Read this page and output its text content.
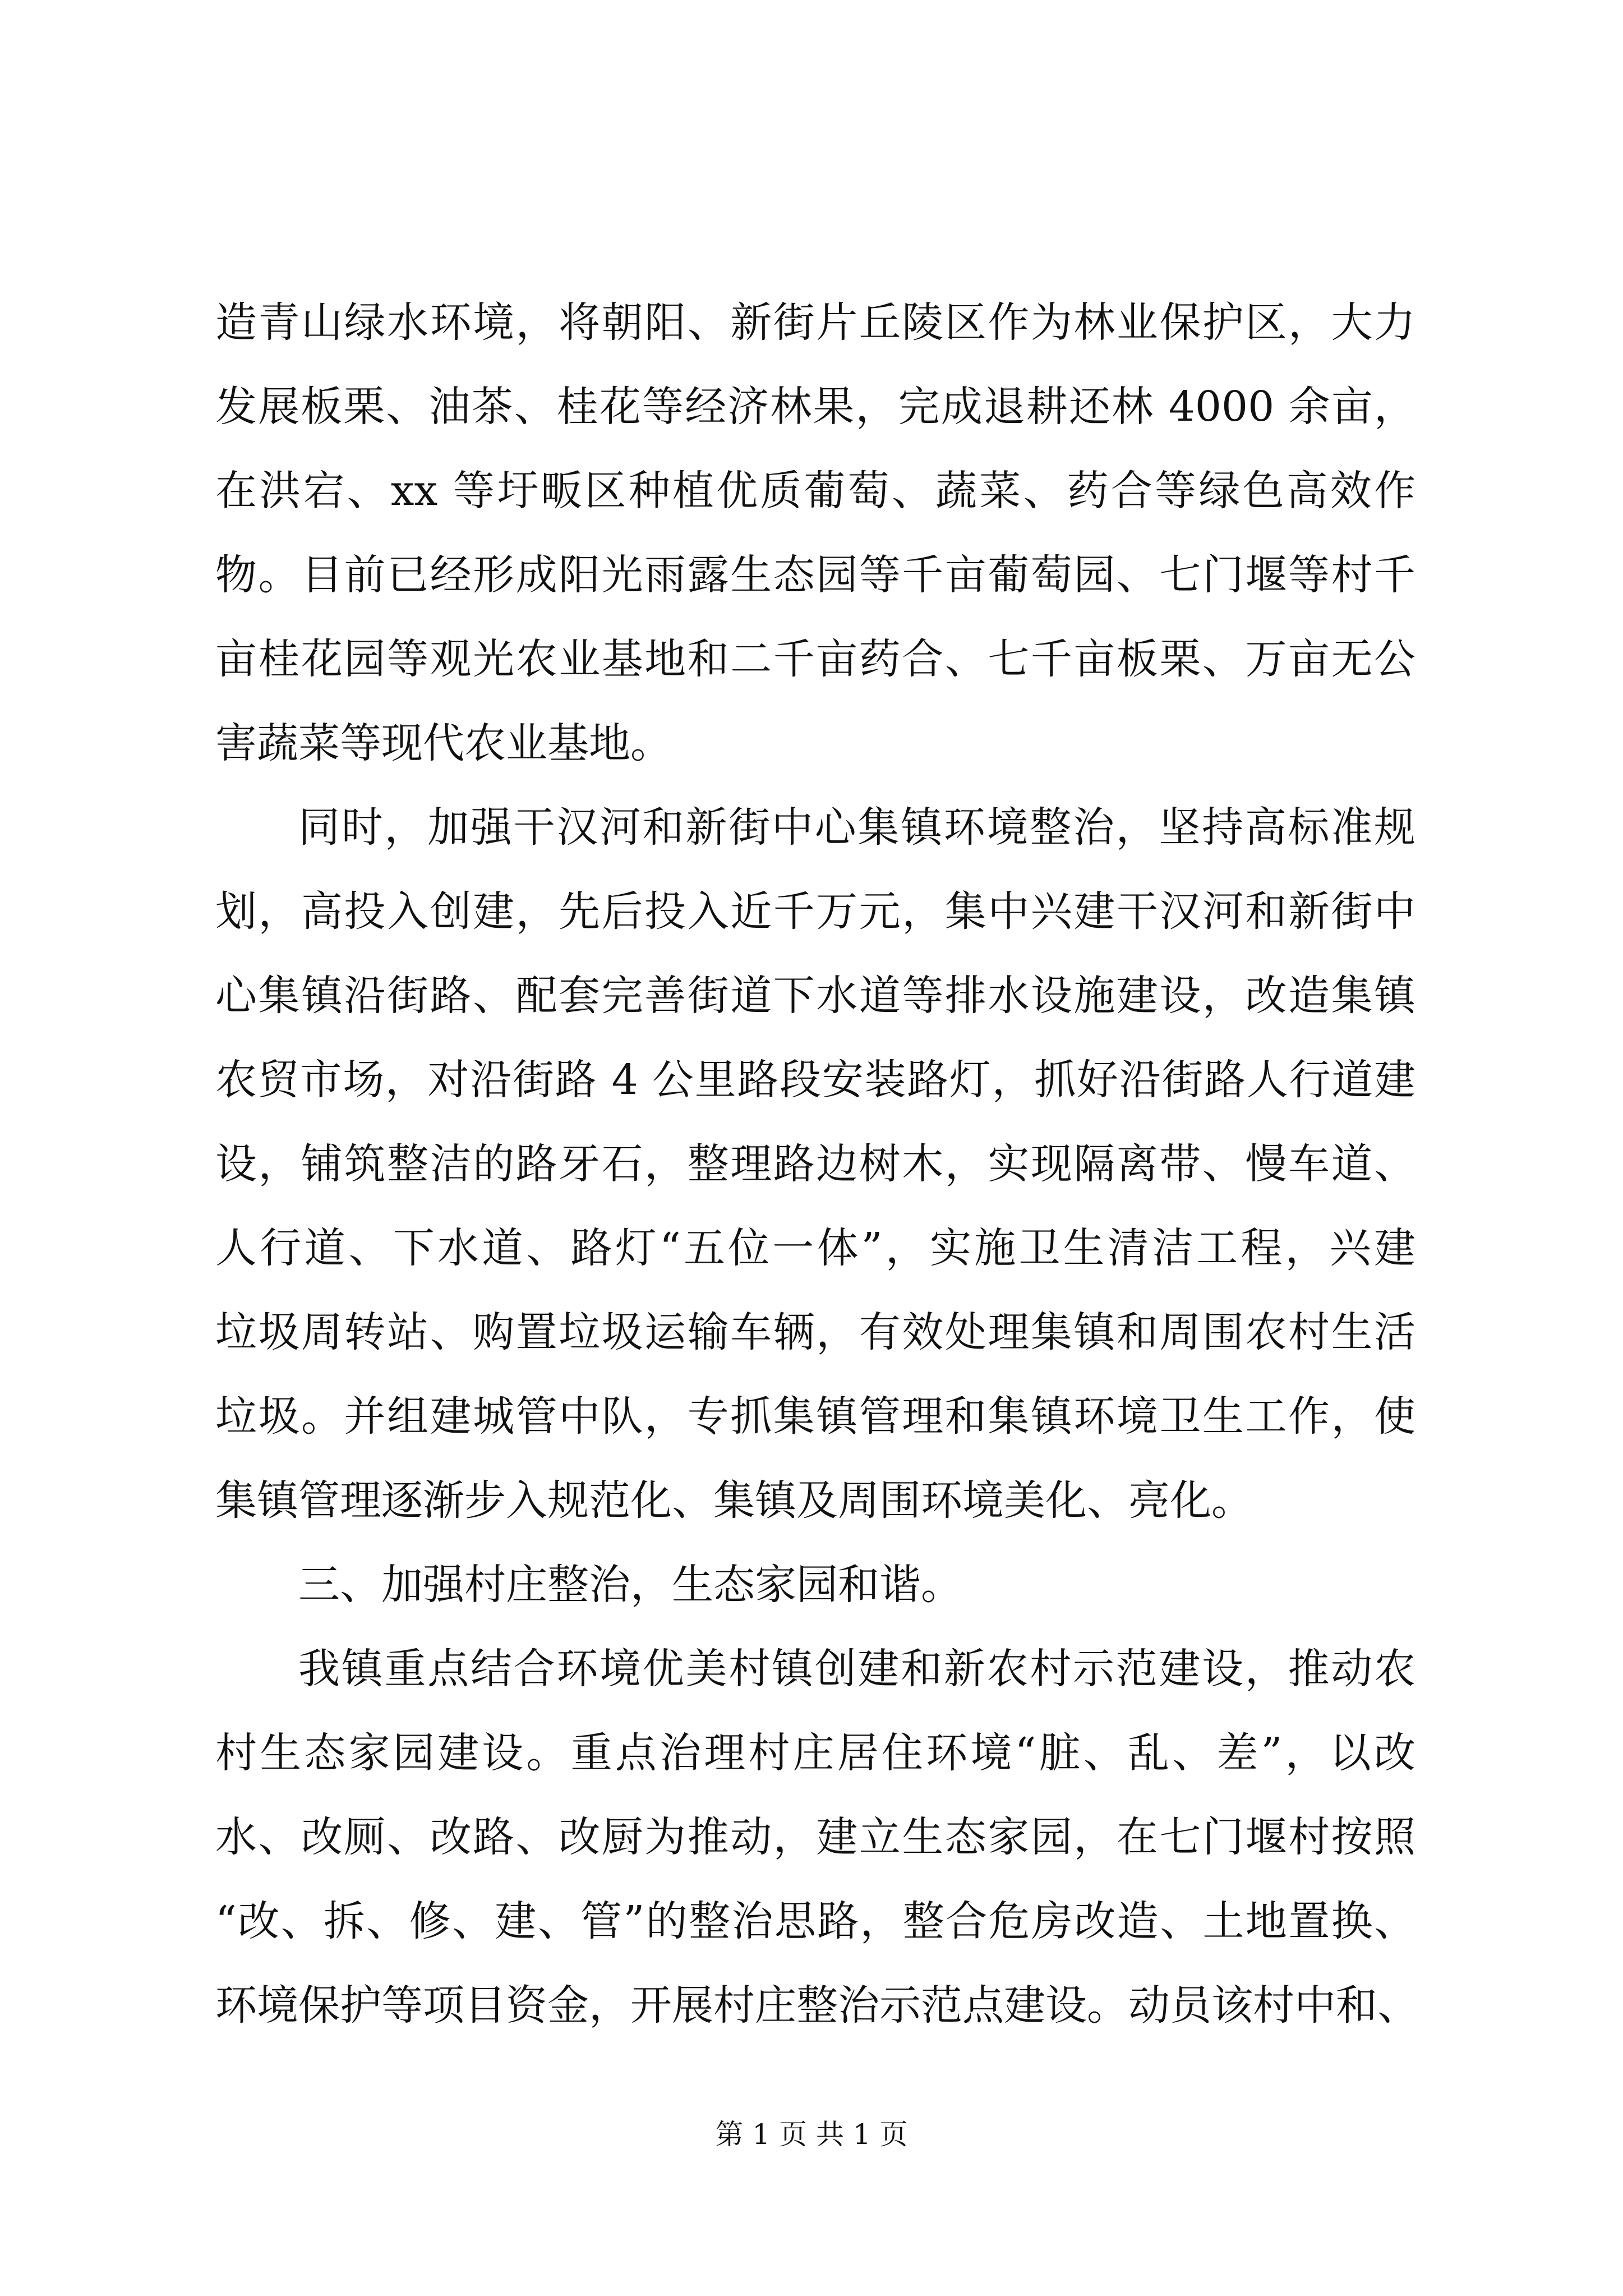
造青山绿水环境，将朝阳、新街片丘陵区作为林业保护区，大力
发展板栗、油茶、桂花等经济林果，完成退耕还林 4000 余亩，
在洪宕、xx 等圩畈区种植优质葡萄、蔬菜、药合等绿色高效作
物。目前已经形成阳光雨露生态园等千亩葡萄园、七门堰等村千
亩桂花园等观光农业基地和二千亩药合、七千亩板栗、万亩无公
害蔬菜等现代农业基地。
同时，加强干汉河和新街中心集镇环境整治，坚持高标准规
划，高投入创建，先后投入近千万元，集中兴建干汉河和新街中
心集镇沿街路、配套完善街道下水道等排水设施建设，改造集镇
农贸市场，对沿街路 4 公里路段安装路灯，抓好沿街路人行道建
设，铺筑整洁的路牙石，整理路边树木，实现隔离带、慢车道、
人行道、下水道、路灯“五位一体”，实施卫生清洁工程，兴建
垃圾周转站、购置垃圾运输车辆，有效处理集镇和周围农村生活
垃圾。并组建城管中队，专抓集镇管理和集镇环境卫生工作，使
集镇管理逐渐步入规范化、集镇及周围环境美化、亮化。
三、加强村庄整治，生态家园和谐。
我镇重点结合环境优美村镇创建和新农村示范建设，推动农
村生态家园建设。重点治理村庄居住环境“脏、乱、差”，以改
水、改厕、改路、改厨为推动，建立生态家园，在七门堰村按照
“改、拆、修、建、管”的整治思路，整合危房改造、土地置换、
环境保护等项目资金，开展村庄整治示范点建设。动员该村中和、
第 1 页 共 1 页
